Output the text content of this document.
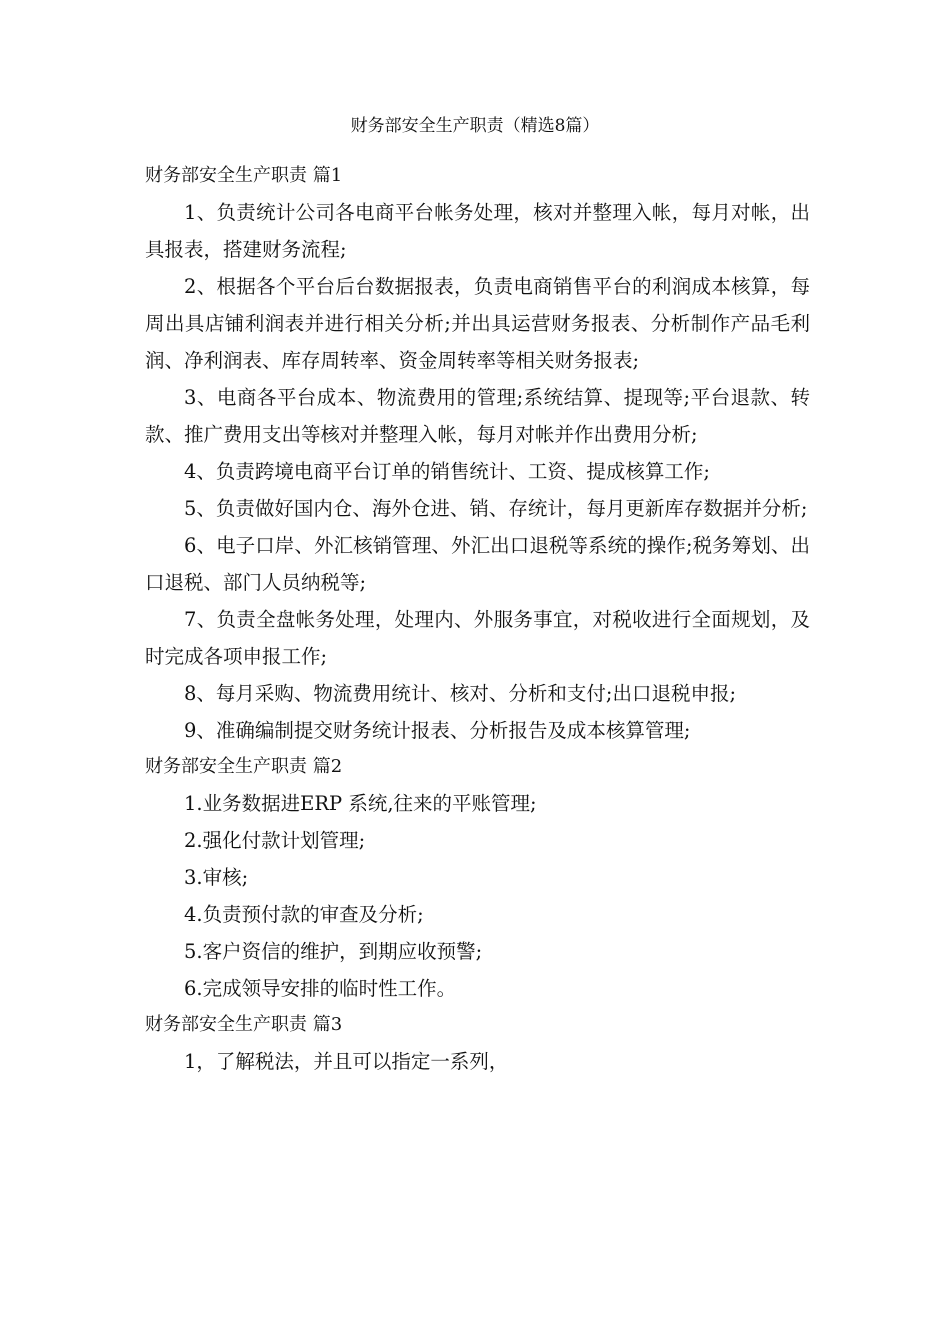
财务部安全生产职责（精选8篇）
财务部安全生产职责 篇1

1、负责统计公司各电商平台帐务处理，核对并整理入帐，每月对帐，出具报表，搭建财务流程;

2、根据各个平台后台数据报表，负责电商销售平台的利润成本核算，每周出具店铺利润表并进行相关分析;并出具运营财务报表、分析制作产品毛利润、净利润表、库存周转率、资金周转率等相关财务报表;

3、电商各平台成本、物流费用的管理;系统结算、提现等;平台退款、转款、推广费用支出等核对并整理入帐，每月对帐并作出费用分析;

4、负责跨境电商平台订单的销售统计、工资、提成核算工作;

5、负责做好国内仓、海外仓进、销、存统计，每月更新库存数据并分析;

6、电子口岸、外汇核销管理、外汇出口退税等系统的操作;税务筹划、出口退税、部门人员纳税等;

7、负责全盘帐务处理，处理内、外服务事宜，对税收进行全面规划，及时完成各项申报工作;

8、每月采购、物流费用统计、核对、分析和支付;出口退税申报;

9、准确编制提交财务统计报表、分析报告及成本核算管理;

财务部安全生产职责 篇2

1.业务数据进ERP 系统,往来的平账管理;

2.强化付款计划管理;

3.审核;

4.负责预付款的审查及分析;

5.客户资信的维护，到期应收预警;

6.完成领导安排的临时性工作。

财务部安全生产职责 篇3

1，了解税法，并且可以指定一系列，
